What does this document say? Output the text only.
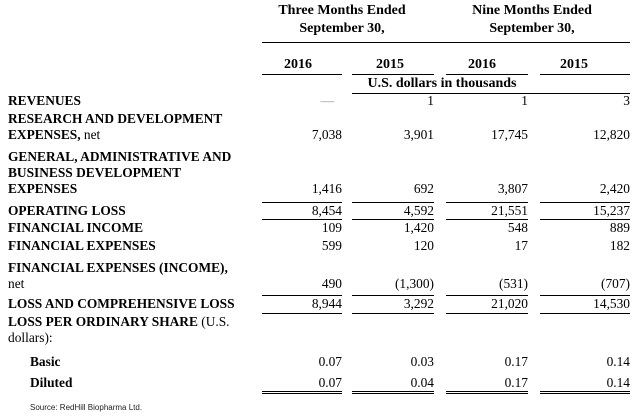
Three Months Ended
September 30,
Nine Months Ended
September 30,
2016	2015	2016	2015
U.S. dollars in thousands
REVENUES	—	1	1	3
RESEARCH AND DEVELOPMENT
EXPENSES, net	7,038	3,901	17,745	12,820
GENERAL, ADMINISTRATIVE AND
BUSINESS DEVELOPMENT
EXPENSES	1,416	692	3,807	2,420
OPERATING LOSS	8,454	4,592	21,551	15,237
FINANCIAL INCOME	109	1,420	548	889
FINANCIAL EXPENSES	599	120	17	182
FINANCIAL EXPENSES (INCOME),
net	490	(1,300)	(531)	(707)
LOSS AND COMPREHENSIVE LOSS	8,944	3,292	21,020	14,530
LOSS PER ORDINARY SHARE (U.S.
dollars):
Basic	0.07	0.03	0.17	0.14
Diluted	0.07	0.04	0.17	0.14
Source: RedHill Biopharma Ltd.
